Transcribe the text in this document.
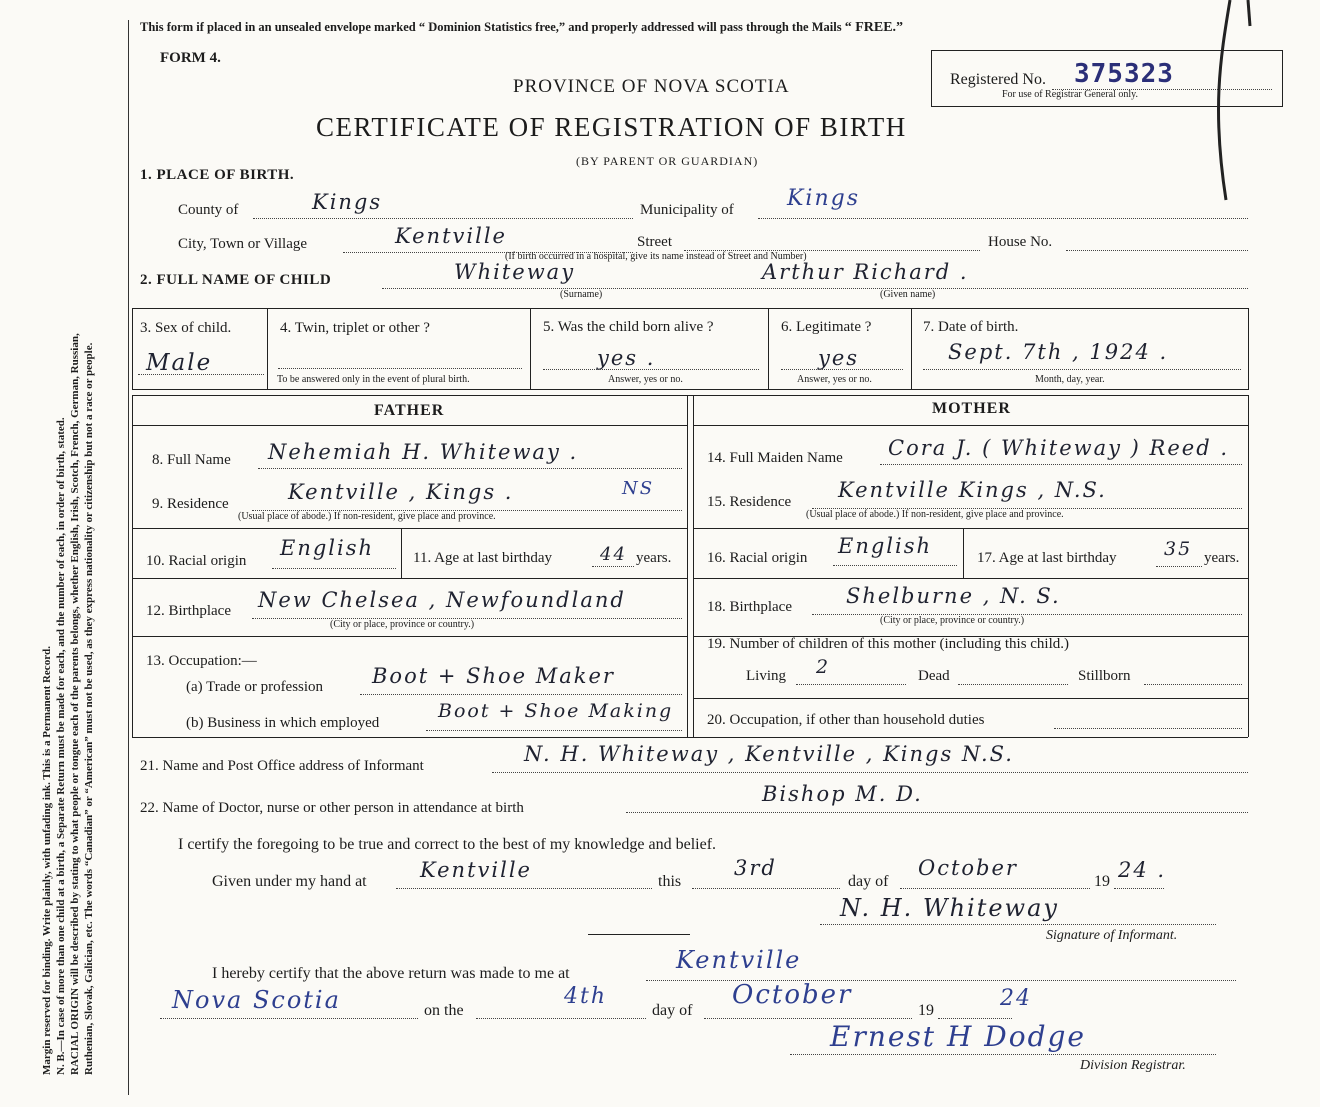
Margin reserved for binding. Write plainly, with unfading ink. This is a Permanent Record. N. B.—In case of more than one child at a birth, a Separate Return must be made for each, and the number of each, in order of birth, stated. RACIAL ORIGIN will be described by stating to what people or tongue each of the parents belongs, whether English, Irish, Scotch, French, German, Russian, Ruthenian, Slovak, Galician, etc. The words “Canadian” or “American” must not be used, as they express nationality or citizenship but not a race or people.
This form if placed in an unsealed envelope marked “ Dominion Statistics free,” and properly addressed will pass through the Mails “ FREE.”
FORM 4.
PROVINCE OF NOVA SCOTIA
CERTIFICATE OF REGISTRATION OF BIRTH
(BY PARENT OR GUARDIAN)
Registered No. 375323
For use of Registrar General only.
1. PLACE OF BIRTH.
County of	Kings	Municipality of Kings
City, Town or Village	Kentville	Street	House No.
(If birth occurred in a hospital, give its name instead of Street and Number)
2. FULL NAME OF CHILD	Whiteway	Arthur Richard .
(Surname)	(Given name)
3. Sex of child.
Male
4. Twin, triplet or other ?
To be answered only in the event of plural birth.
5. Was the child born alive ?
yes .
Answer, yes or no.
6. Legitimate ?
yes
Answer, yes or no.
7. Date of birth.
Sept. 7th , 1924 .
Month, day, year.
FATHER	MOTHER
8. Full Name Nehemiah H. Whiteway .
9. Residence	Kentville , Kings .	NS
(Usual place of abode.) If non-resident, give place and province.
10. Racial origin
English	11. Age at last birthday	44 years.
12. Birthplace New Chelsea , Newfoundland
(City or place, province or country.)
13. Occupation:—
(a) Trade or profession Boot + Shoe Maker
(b) Business in which employed
Boot + Shoe Making
14. Full Maiden Name Cora J. ( Whiteway ) Reed .
15. Residence Kentville Kings , N.S.
(Usual place of abode.) If non-resident, give place and province.
16. Racial origin English	17. Age at last birthday 35 years.
18. Birthplace	Shelburne , N. S.
(City or place, province or country.)
19. Number of children of this mother (including this child.)
Living 2	Dead	Stillborn
20. Occupation, if other than household duties
21. Name and Post Office address of Informant	N. H. Whiteway , Kentville , Kings N.S.
22. Name of Doctor, nurse or other person in attendance at birth
Bishop M. D.
I certify the foregoing to be true and correct to the best of my knowledge and belief.
Given under my hand at	Kentville	this
3rd
day of
October
19 24 .
N. H. Whiteway
Signature of Informant.
I hereby certify that the above return was made to me at	Kentville
Nova Scotia	on the
4th
day of
October
19	24
Ernest H Dodge
Division Registrar.
